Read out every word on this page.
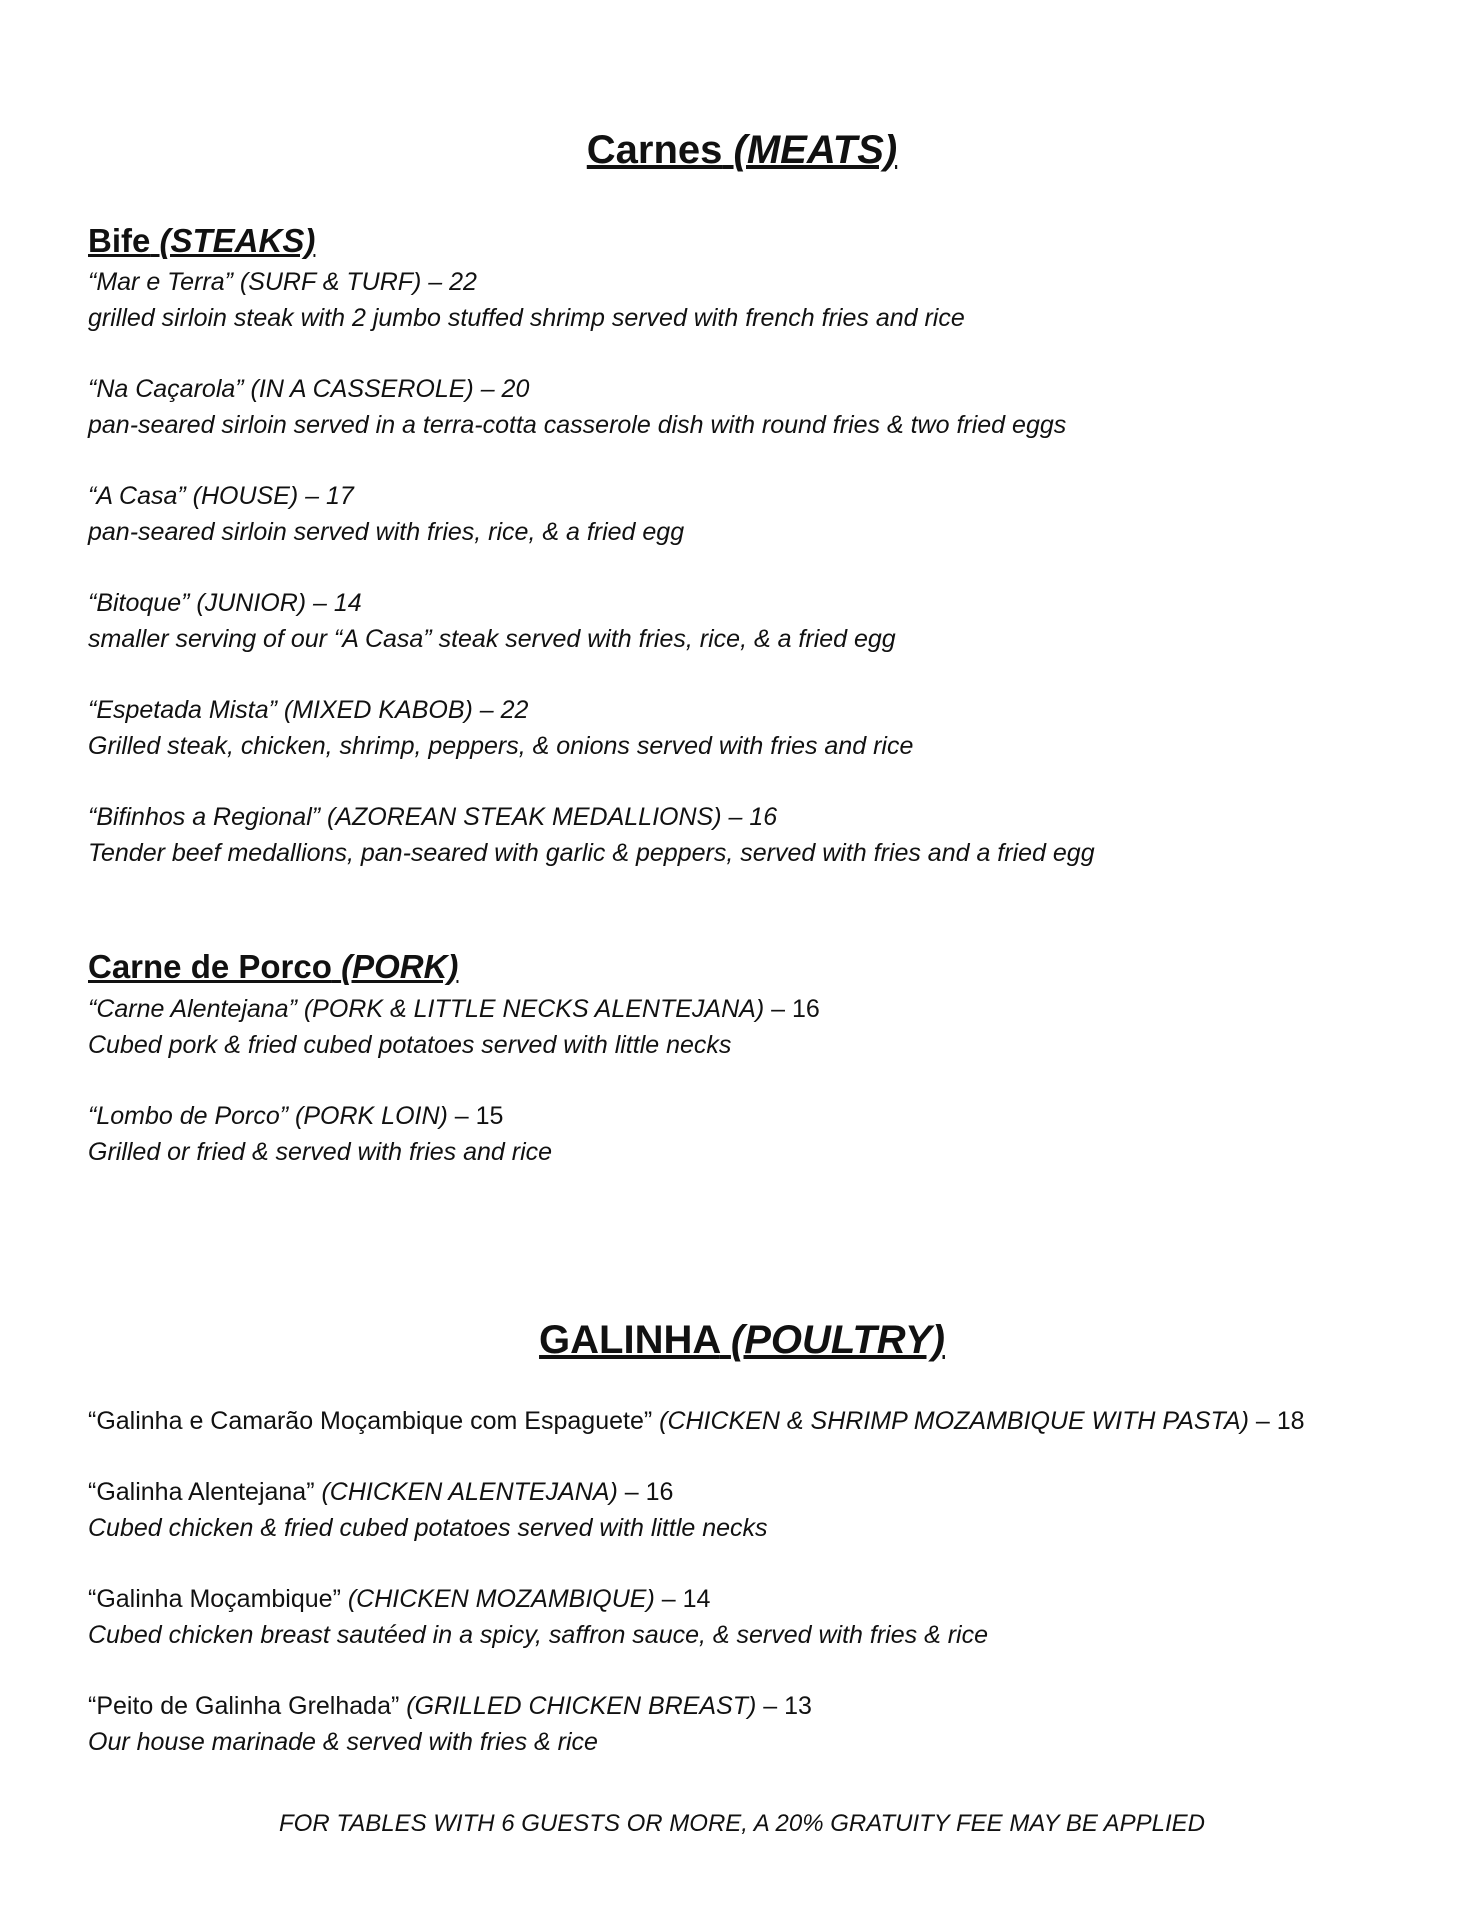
Carnes (MEATS)
Bife (STEAKS)
“Mar e Terra” (SURF & TURF) – 22
grilled sirloin steak with 2 jumbo stuffed shrimp served with french fries and rice
“Na Caçarola” (IN A CASSEROLE) – 20
pan-seared sirloin served in a terra-cotta casserole dish with round fries & two fried eggs
“A Casa” (HOUSE) – 17
pan-seared sirloin served with fries, rice, & a fried egg
“Bitoque” (JUNIOR) – 14
smaller serving of our “A Casa” steak served with fries, rice, & a fried egg
“Espetada Mista” (MIXED KABOB) – 22
Grilled steak, chicken, shrimp, peppers, & onions served with fries and rice
“Bifinhos a Regional” (AZOREAN STEAK MEDALLIONS) – 16
Tender beef medallions, pan-seared with garlic & peppers, served with fries and a fried egg
Carne de Porco (PORK)
“Carne Alentejana” (PORK & LITTLE NECKS ALENTEJANA) – 16
Cubed pork & fried cubed potatoes served with little necks
“Lombo de Porco” (PORK LOIN) – 15
Grilled or fried & served with fries and rice
GALINHA (POULTRY)
“Galinha e Camarão Moçambique com Espaguete” (CHICKEN & SHRIMP MOZAMBIQUE WITH PASTA) – 18
“Galinha Alentejana” (CHICKEN ALENTEJANA) – 16
Cubed chicken & fried cubed potatoes served with little necks
“Galinha Moçambique” (CHICKEN MOZAMBIQUE) – 14
Cubed chicken breast sautéed in a spicy, saffron sauce, & served with fries & rice
“Peito de Galinha Grelhada” (GRILLED CHICKEN BREAST) – 13
Our house marinade & served with fries & rice
FOR TABLES WITH 6 GUESTS OR MORE, A 20% GRATUITY FEE MAY BE APPLIED
